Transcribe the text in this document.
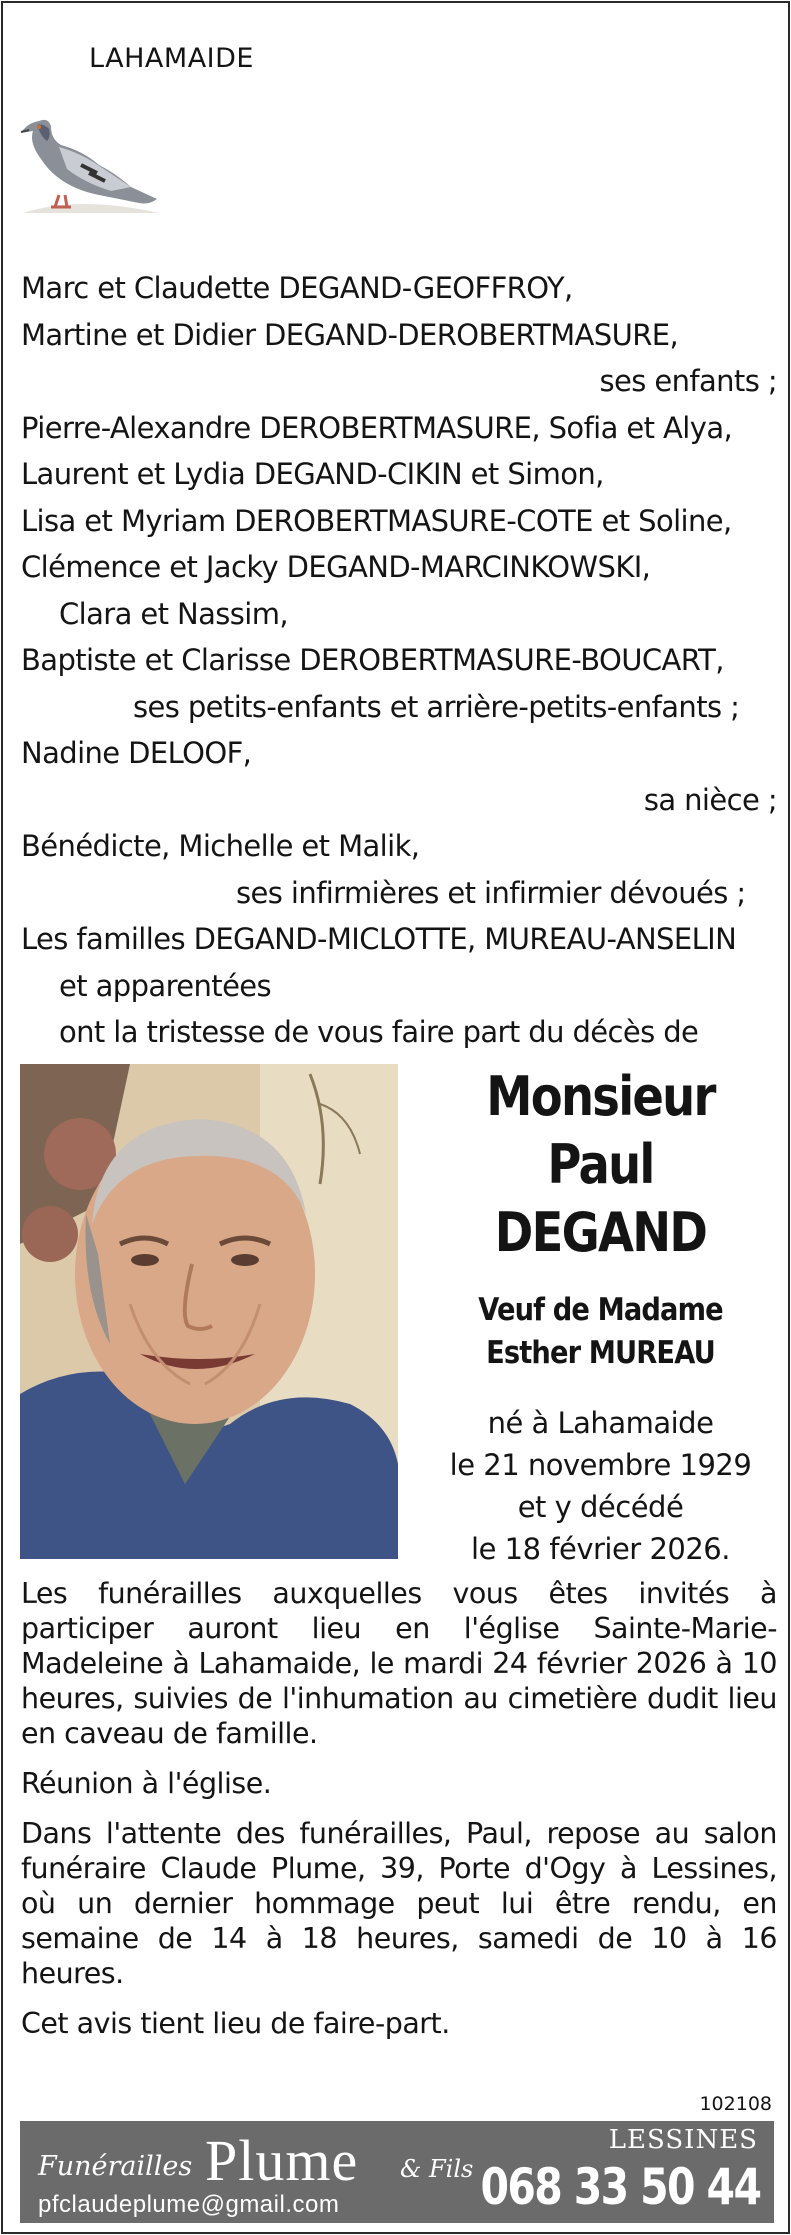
LAHAMAIDE
Marc et Claudette DEGAND-GEOFFROY,
Martine et Didier DEGAND-DEROBERTMASURE,
ses enfants ;
Pierre-Alexandre DEROBERTMASURE, Sofia et Alya,
Laurent et Lydia DEGAND-CIKIN et Simon,
Lisa et Myriam DEROBERTMASURE-COTE et Soline,
Clémence et Jacky DEGAND-MARCINKOWSKI,
Clara et Nassim,
Baptiste et Clarisse DEROBERTMASURE-BOUCART,
ses petits-enfants et arrière-petits-enfants ;
Nadine DELOOF,
sa nièce ;
Bénédicte, Michelle et Malik,
ses infirmières et infirmier dévoués ;
Les familles DEGAND-MICLOTTE, MUREAU-ANSELIN
et apparentées
ont la tristesse de vous faire part du décès de
Monsieur
Paul
DEGAND
Veuf de Madame
Esther MUREAU
né à Lahamaide
le 21 novembre 1929
et y décédé
le 18 février 2026.

Les funérailles auxquelles vous êtes invités à participer auront lieu en l'église Sainte-Marie-Madeleine à Lahamaide, le mardi 24 février 2026 à 10 heures, suivies de l'inhumation au cimetière dudit lieu en caveau de famille.

Réunion à l'église.

Dans l'attente des funérailles, Paul, repose au salon funéraire Claude Plume, 39, Porte d'Ogy à Lessines, où un dernier hommage peut lui être rendu, en semaine de 14 à 18 heures, samedi de 10 à 16 heures.

Cet avis tient lieu de faire-part.

102108
Funérailles Plume & Fils
pfclaudeplume@gmail.com
LESSINES
068 33 50 44
